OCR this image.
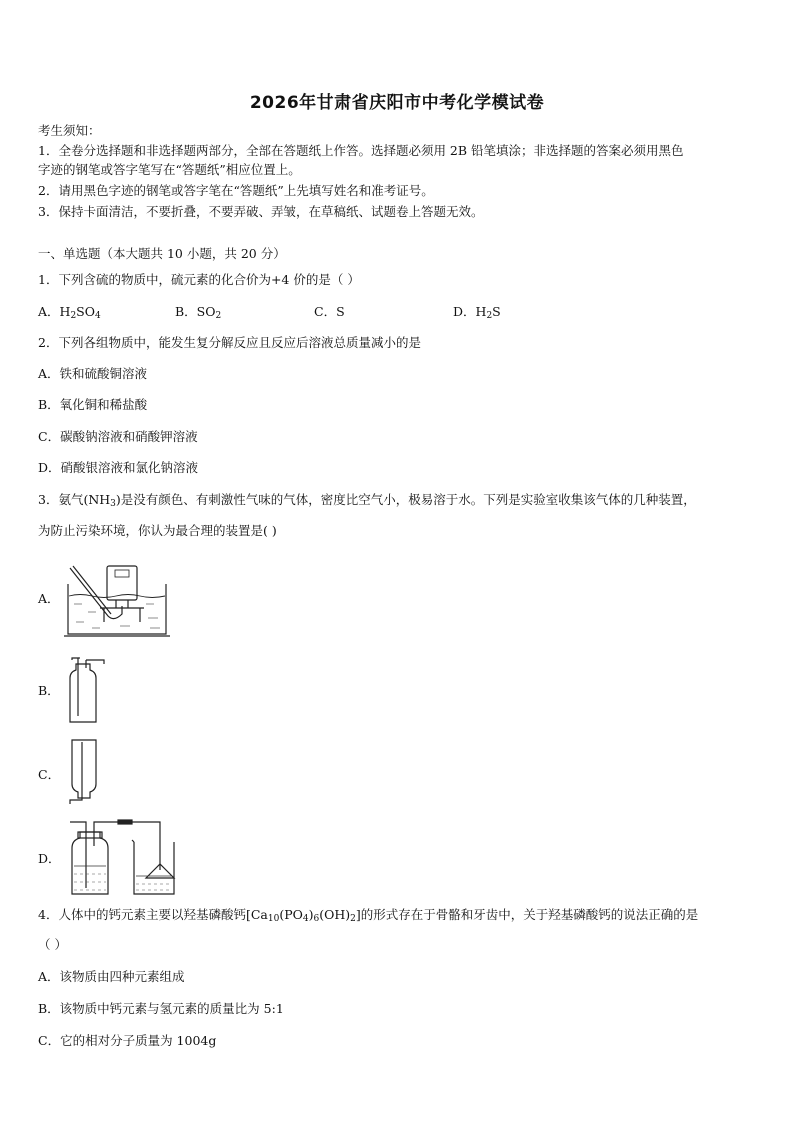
2026年甘肃省庆阳市中考化学模试卷
考生须知：
1．全卷分选择题和非选择题两部分，全部在答题纸上作答。选择题必须用 2B 铅笔填涂；非选择题的答案必须用黑色
字迹的钢笔或答字笔写在“答题纸”相应位置上。
2．请用黑色字迹的钢笔或答字笔在“答题纸”上先填写姓名和准考证号。
3．保持卡面清洁，不要折叠，不要弄破、弄皱，在草稿纸、试题卷上答题无效。
一、单选题（本大题共 10 小题，共 20 分）
1．下列含硫的物质中，硫元素的化合价为+4 价的是（ ）
A．$H_2SO_4$	B．$SO_2$	C．S	D．$H_2S$
2．下列各组物质中，能发生复分解反应且反应后溶液总质量减小的是
A．铁和硫酸铜溶液
B．氧化铜和稀盐酸
C．碳酸钠溶液和硝酸钾溶液
D．硝酸银溶液和氯化钠溶液
3．氨气$(NH_3)$是没有颜色、有刺激性气味的气体，密度比空气小，极易溶于水。下列是实验室收集该气体的几种装置，
为防止污染环境，你认为最合理的装置是( )
A．
B．
C．
D．
4．人体中的钙元素主要以羟基磷酸钙$[Ca_{10}(PO_4)_6(OH)_2]$的形式存在于骨骼和牙齿中，关于羟基磷酸钙的说法正确的是
（ ）
A．该物质由四种元素组成
B．该物质中钙元素与氢元素的质量比为 5:1
C．它的相对分子质量为 1004g
